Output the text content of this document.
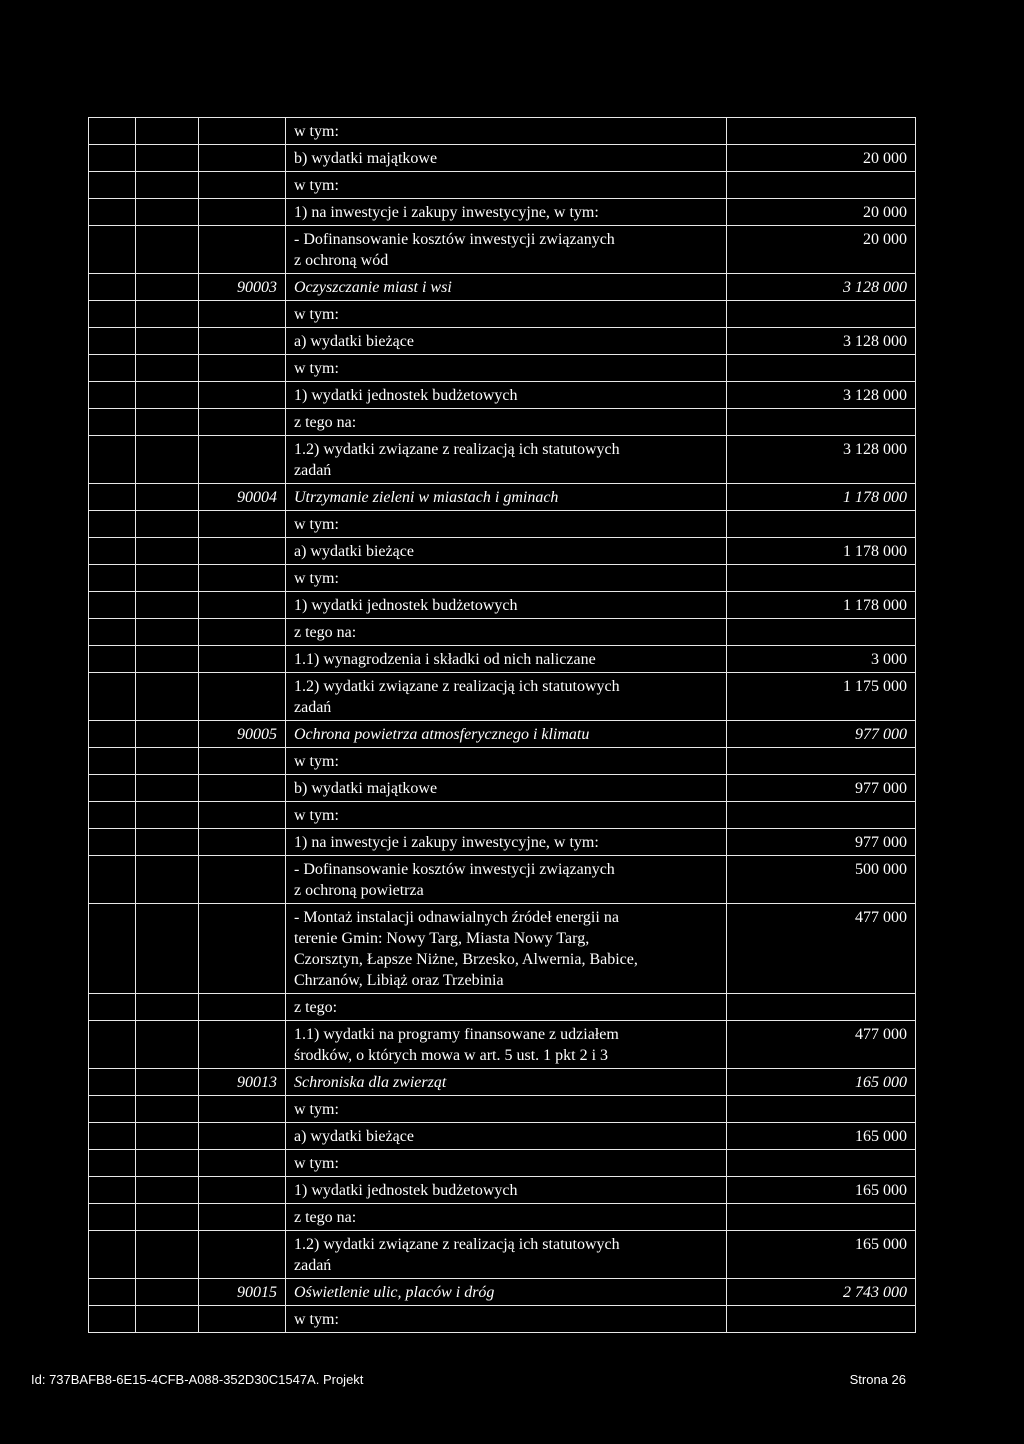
			w tym:	
			b) wydatki majątkowe	20 000
			w tym:	
			1) na inwestycje i zakupy inwestycyjne, w tym:	20 000
			- Dofinansowanie kosztów inwestycji związanych
z ochroną wód	20 000
		90003	Oczyszczanie miast i wsi	3 128 000
			w tym:	
			a) wydatki bieżące	3 128 000
			w tym:	
			1) wydatki jednostek budżetowych	3 128 000
			z tego na:	
			1.2) wydatki związane z realizacją ich statutowych
zadań	3 128 000
		90004	Utrzymanie zieleni w miastach i gminach	1 178 000
			w tym:	
			a) wydatki bieżące	1 178 000
			w tym:	
			1) wydatki jednostek budżetowych	1 178 000
			z tego na:	
			1.1) wynagrodzenia i składki od nich naliczane	3 000
			1.2) wydatki związane z realizacją ich statutowych
zadań	1 175 000
		90005	Ochrona powietrza atmosferycznego i klimatu	977 000
			w tym:	
			b) wydatki majątkowe	977 000
			w tym:	
			1) na inwestycje i zakupy inwestycyjne, w tym:	977 000
			- Dofinansowanie kosztów inwestycji związanych
z ochroną powietrza	500 000
			- Montaż instalacji odnawialnych źródeł energii na
terenie Gmin: Nowy Targ, Miasta Nowy Targ,
Czorsztyn, Łapsze Niżne, Brzesko, Alwernia, Babice,
Chrzanów, Libiąż oraz Trzebinia	477 000
			z tego:	
			1.1) wydatki na programy finansowane z udziałem
środków, o których mowa w art. 5 ust. 1 pkt 2 i 3	477 000
		90013	Schroniska dla zwierząt	165 000
			w tym:	
			a) wydatki bieżące	165 000
			w tym:	
			1) wydatki jednostek budżetowych	165 000
			z tego na:	
			1.2) wydatki związane z realizacją ich statutowych
zadań	165 000
		90015	Oświetlenie ulic, placów i dróg	2 743 000
			w tym:	
Id: 737BAFB8-6E15-4CFB-A088-352D30C1547A. Projekt	Strona 26
